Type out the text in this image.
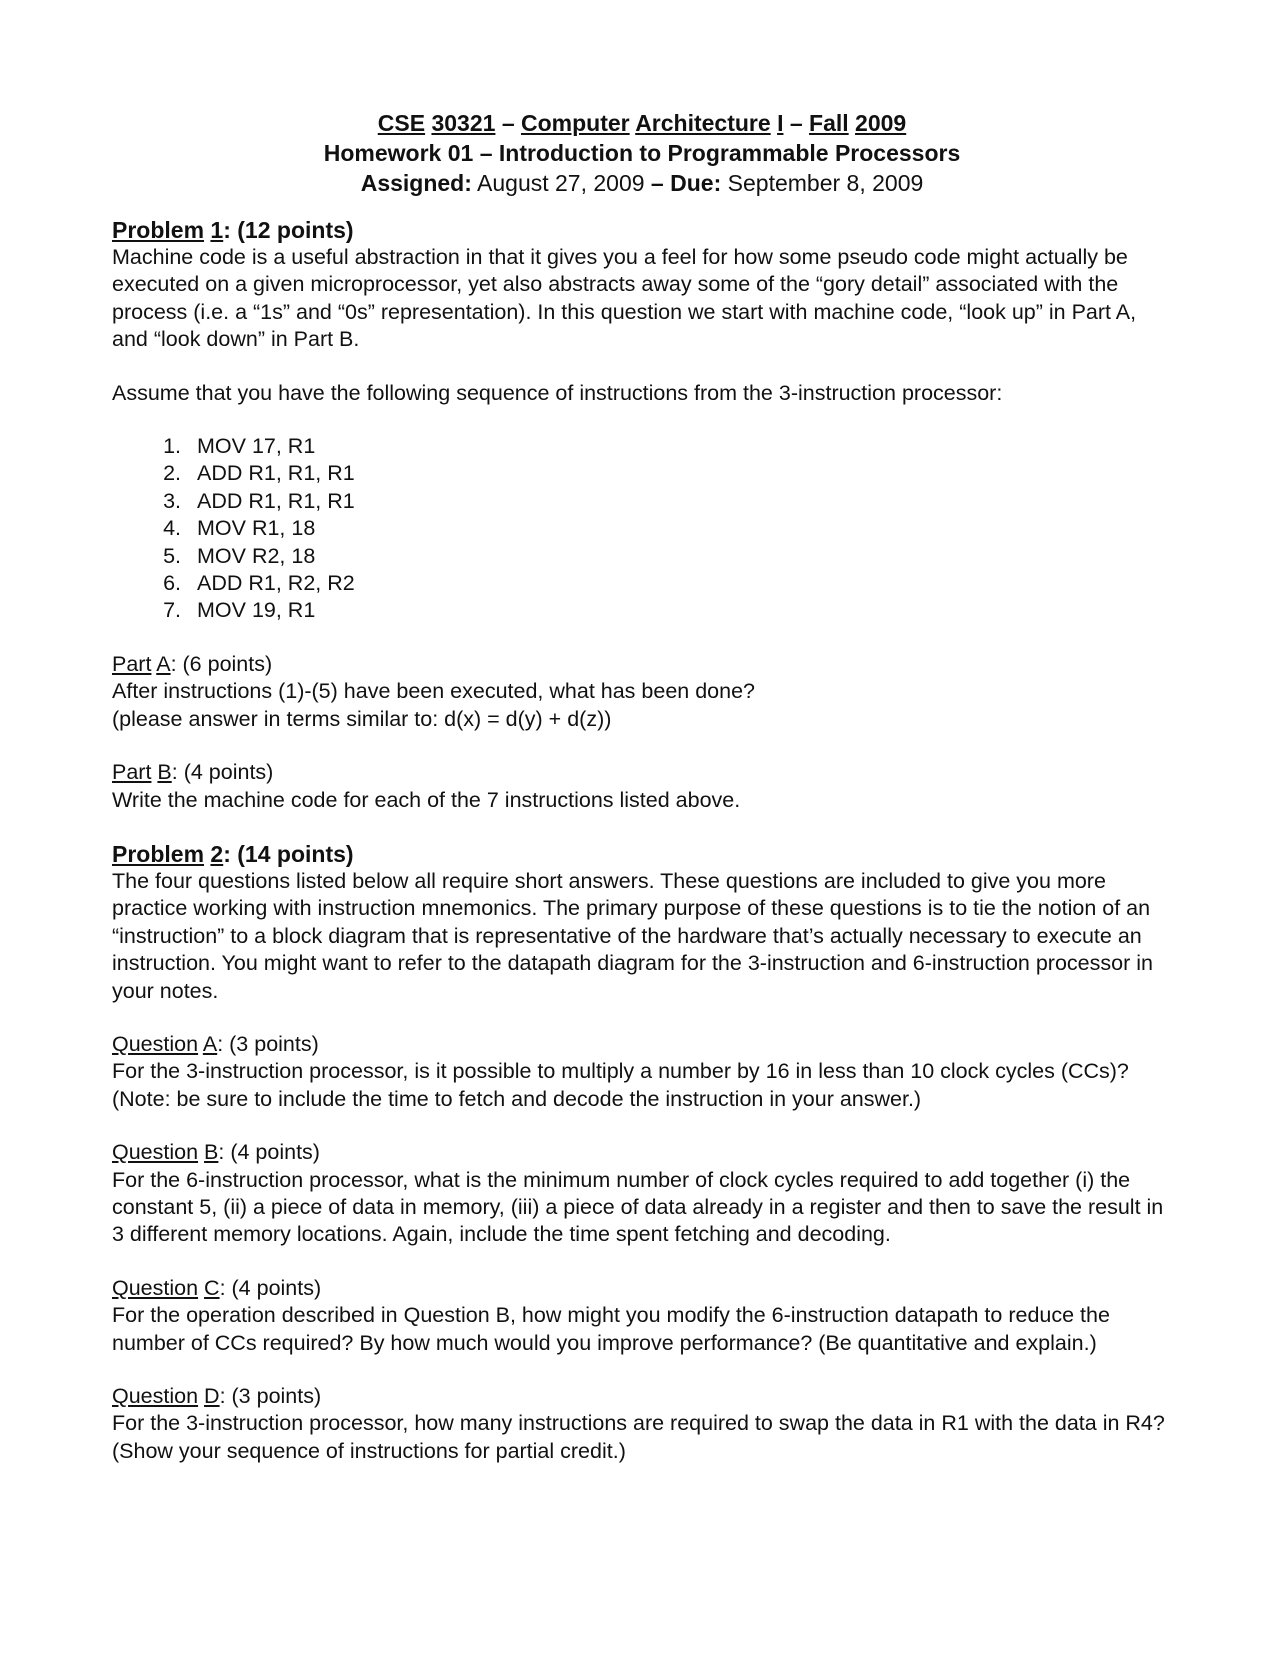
CSE 30321 – Computer Architecture I – Fall 2009
Homework 01 – Introduction to Programmable Processors
Assigned: August 27, 2009 – Due: September 8, 2009
Problem 1: (12 points)

Machine code is a useful abstraction in that it gives you a feel for how some pseudo code might actually be executed on a given microprocessor, yet also abstracts away some of the “gory detail” associated with the process (i.e. a “1s” and “0s” representation). In this question we start with machine code, “look up” in Part A, and “look down” in Part B.

Assume that you have the following sequence of instructions from the 3-instruction processor:

1. MOV 17, R1
2. ADD R1, R1, R1
3. ADD R1, R1, R1
4. MOV R1, 18
5. MOV R2, 18
6. ADD R1, R2, R2
7. MOV 19, R1
Part A: (6 points)

After instructions (1)-(5) have been executed, what has been done?

(please answer in terms similar to: d(x) = d(y) + d(z))

Part B: (4 points)

Write the machine code for each of the 7 instructions listed above.

Problem 2: (14 points)

The four questions listed below all require short answers. These questions are included to give you more practice working with instruction mnemonics. The primary purpose of these questions is to tie the notion of an “instruction” to a block diagram that is representative of the hardware that’s actually necessary to execute an instruction. You might want to refer to the datapath diagram for the 3-instruction and 6-instruction processor in your notes.

Question A: (3 points)

For the 3-instruction processor, is it possible to multiply a number by 16 in less than 10 clock cycles (CCs)? (Note: be sure to include the time to fetch and decode the instruction in your answer.)

Question B: (4 points)

For the 6-instruction processor, what is the minimum number of clock cycles required to add together (i) the constant 5, (ii) a piece of data in memory, (iii) a piece of data already in a register and then to save the result in 3 different memory locations. Again, include the time spent fetching and decoding.

Question C: (4 points)

For the operation described in Question B, how might you modify the 6-instruction datapath to reduce the number of CCs required? By how much would you improve performance? (Be quantitative and explain.)

Question D: (3 points)

For the 3-instruction processor, how many instructions are required to swap the data in R1 with the data in R4? (Show your sequence of instructions for partial credit.)
